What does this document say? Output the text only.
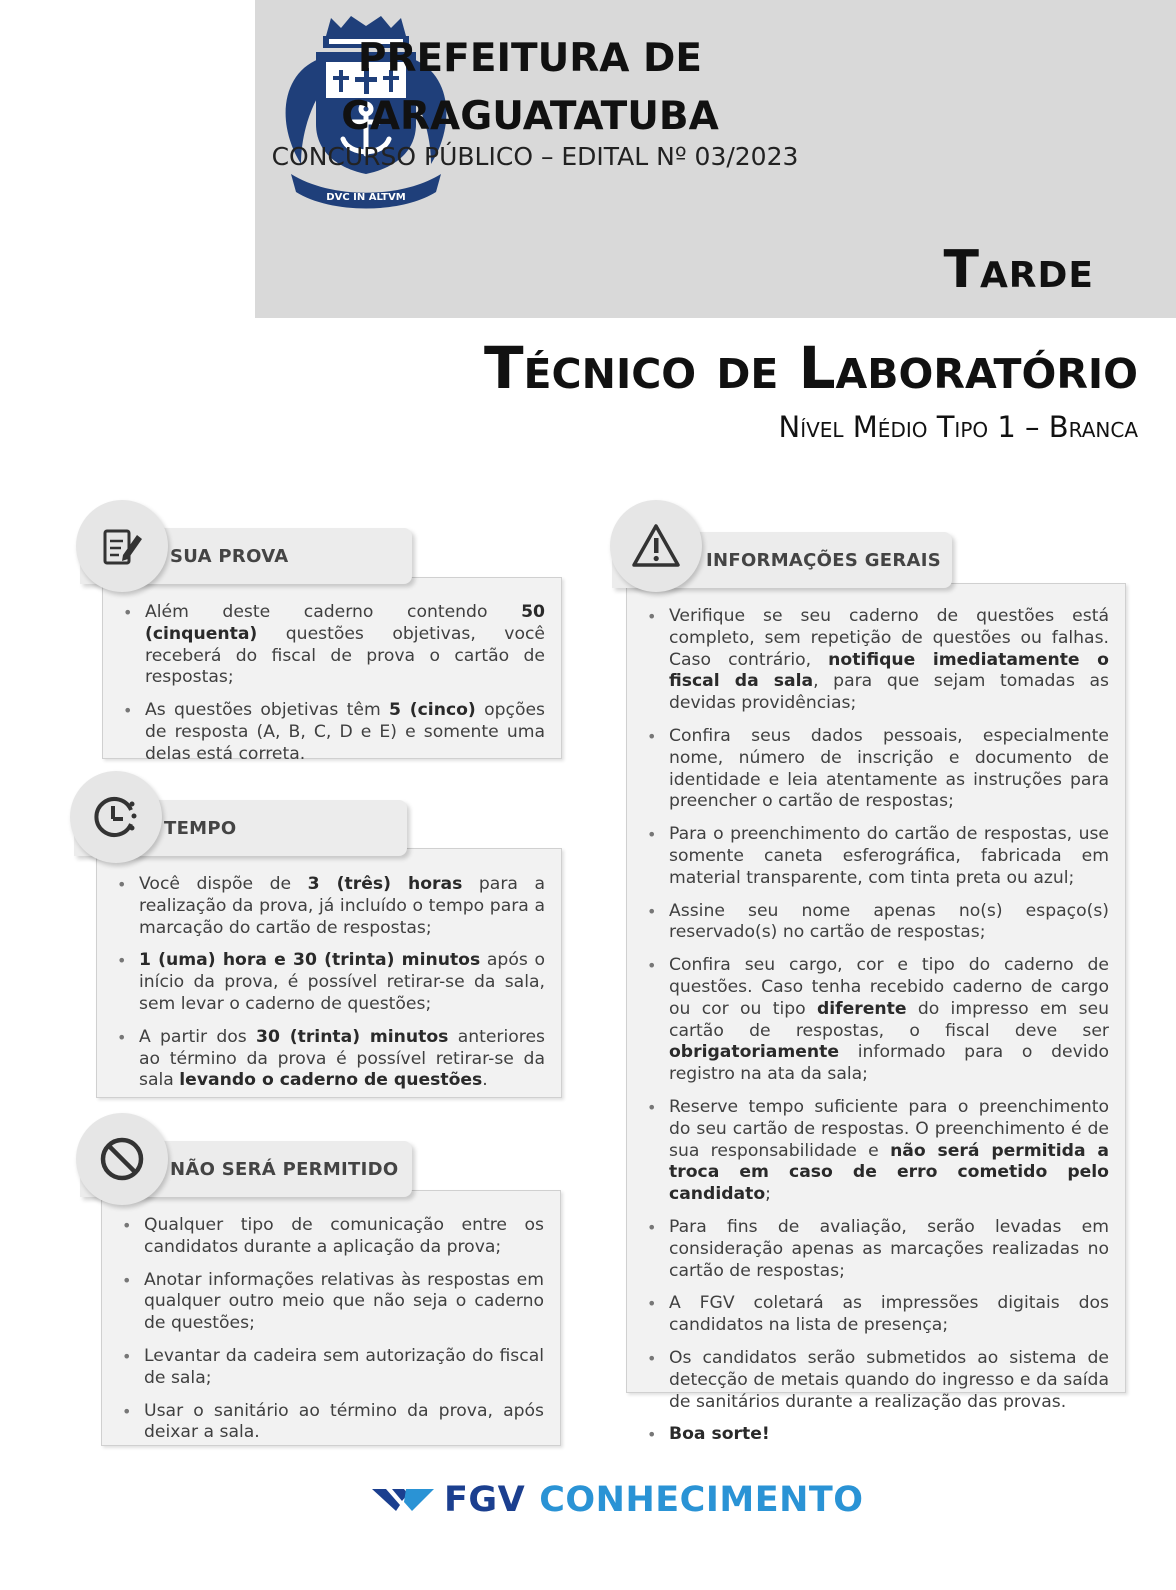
DVC IN ALTVM
PREFEITURA DE
CARAGUATATUBA
CONCURSO PÚBLICO – EDITAL Nº 03/2023
Tarde
Técnico de Laboratório
Nível Médio Tipo 1 – Branca
• Além deste caderno contendo 50 (cinquenta) questões objetivas, você receberá do fiscal de prova o cartão de respostas;
• As questões objetivas têm 5 (cinco) opções de resposta (A, B, C, D e E) e somente uma delas está correta.
SUA PROVA
• Você dispõe de 3 (três) horas para a realização da prova, já incluído o tempo para a marcação do cartão de respostas;
• 1 (uma) hora e 30 (trinta) minutos após o início da prova, é possível retirar-se da sala, sem levar o caderno de questões;
• A partir dos 30 (trinta) minutos anteriores ao término da prova é possível retirar-se da sala levando o caderno de questões.
TEMPO
• Qualquer tipo de comunicação entre os candidatos durante a aplicação da prova;
• Anotar informações relativas às respostas em qualquer outro meio que não seja o caderno de questões;
• Levantar da cadeira sem autorização do fiscal de sala;
• Usar o sanitário ao término da prova, após deixar a sala.
NÃO SERÁ PERMITIDO
• Verifique se seu caderno de questões está completo, sem repetição de questões ou falhas. Caso contrário, notifique imediatamente o fiscal da sala, para que sejam tomadas as devidas providências;
• Confira seus dados pessoais, especialmente nome, número de inscrição e documento de identidade e leia atentamente as instruções para preencher o cartão de respostas;
• Para o preenchimento do cartão de respostas, use somente caneta esferográfica, fabricada em material transparente, com tinta preta ou azul;
• Assine seu nome apenas no(s) espaço(s) reservado(s) no cartão de respostas;
• Confira seu cargo, cor e tipo do caderno de questões. Caso tenha recebido caderno de cargo ou cor ou tipo diferente do impresso em seu cartão de respostas, o fiscal deve ser obrigatoriamente informado para o devido registro na ata da sala;
• Reserve tempo suficiente para o preenchimento do seu cartão de respostas. O preenchimento é de sua responsabilidade e não será permitida a troca em caso de erro cometido pelo candidato;
• Para fins de avaliação, serão levadas em consideração apenas as marcações realizadas no cartão de respostas;
• A FGV coletará as impressões digitais dos candidatos na lista de presença;
• Os candidatos serão submetidos ao sistema de detecção de metais quando do ingresso e da saída de sanitários durante a realização das provas.
• Boa sorte!
INFORMAÇÕES GERAIS
FGV CONHECIMENTO
